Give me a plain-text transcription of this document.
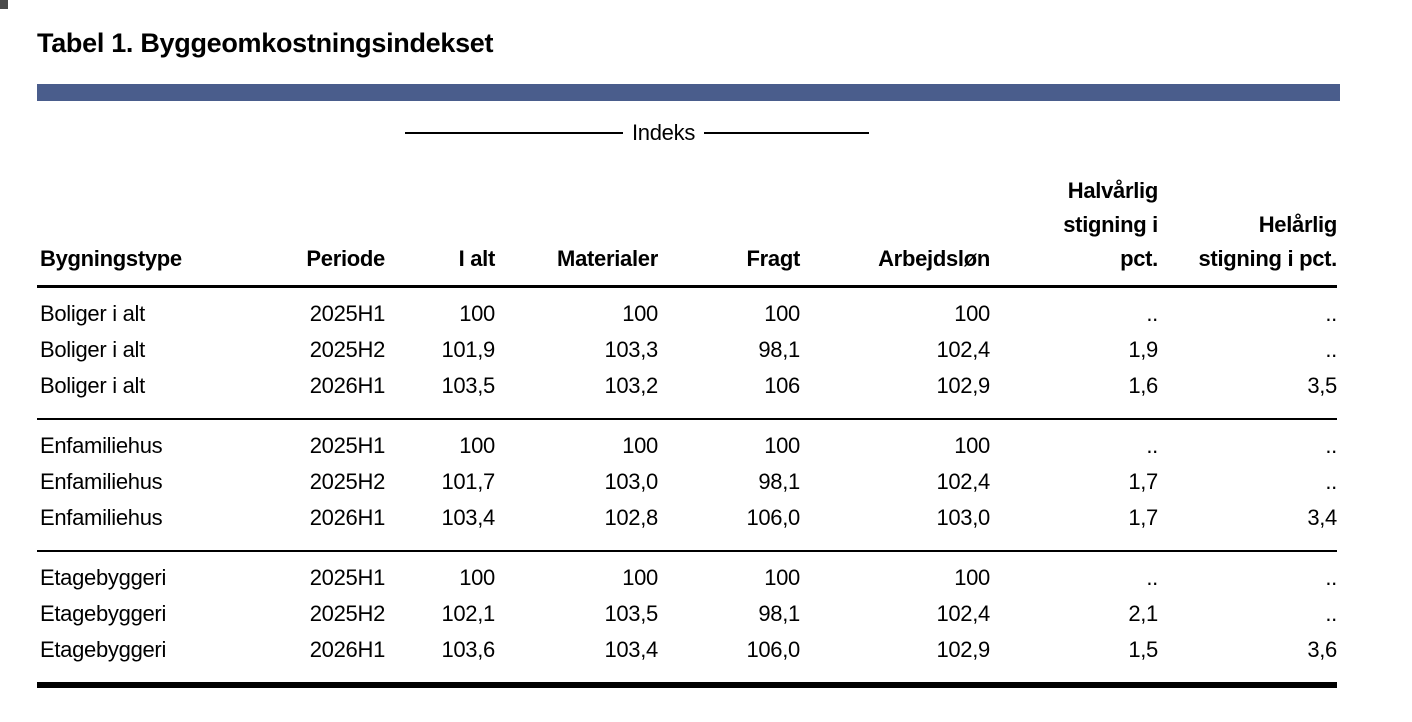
Tabel 1. Byggeomkostningsindekset
Indeks
Bygningstype	Periode	I alt	Materialer	Fragt	Arbejdsløn	Halvårlig stigning i pct.	Helårlig stigning i pct.
Boliger i alt	2025H1	100	100	100	100	..	..
Boliger i alt	2025H2	101,9	103,3	98,1	102,4	1,9	..
Boliger i alt	2026H1	103,5	103,2	106	102,9	1,6	3,5
Enfamiliehus	2025H1	100	100	100	100	..	..
Enfamiliehus	2025H2	101,7	103,0	98,1	102,4	1,7	..
Enfamiliehus	2026H1	103,4	102,8	106,0	103,0	1,7	3,4
Etagebyggeri	2025H1	100	100	100	100	..	..
Etagebyggeri	2025H2	102,1	103,5	98,1	102,4	2,1	..
Etagebyggeri	2026H1	103,6	103,4	106,0	102,9	1,5	3,6
